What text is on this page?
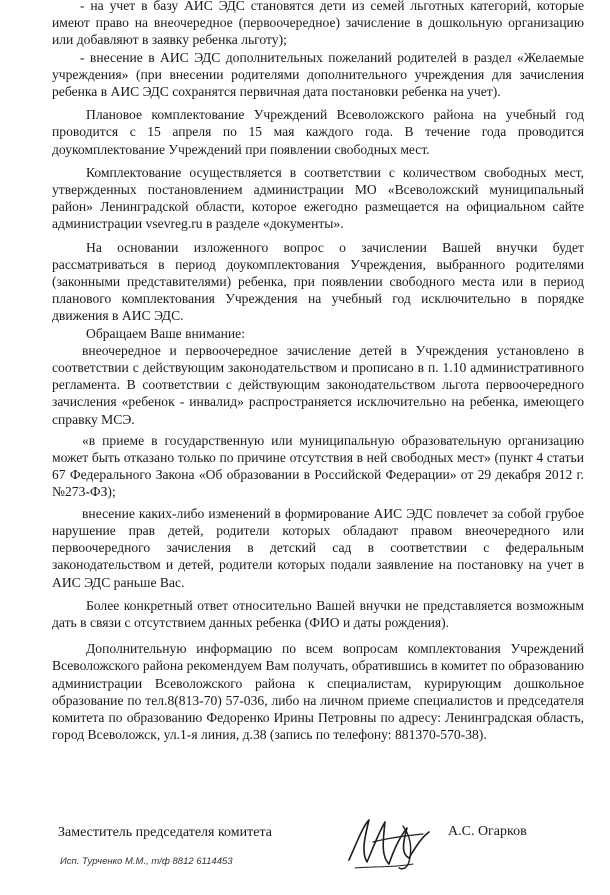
- на учет в базу АИС ЭДС становятся дети из семей льготных категорий, которые имеют право на внеочередное (первоочередное) зачисление в дошкольную организацию или добавляют в заявку ребенка льготу);

- внесение в АИС ЭДС дополнительных пожеланий родителей в раздел «Желаемые учреждения» (при внесении родителями дополнительного учреждения для зачисления ребенка в АИС ЭДС сохранятся первичная дата постановки ребенка на учет).

Плановое комплектование Учреждений Всеволожского района на учебный год проводится с 15 апреля по 15 мая каждого года. В течение года проводится доукомплектование Учреждений при появлении свободных мест.

Комплектование осуществляется в соответствии с количеством свободных мест, утвержденных постановлением администрации МО «Всеволожский муниципальный район» Ленинградской области, которое ежегодно размещается на официальном сайте администрации vsevreg.ru в разделе «документы».

На основании изложенного вопрос о зачислении Вашей внучки будет рассматриваться в период доукомплектования Учреждения, выбранного родителями (законными представителями) ребенка, при появлении свободного места или в период планового комплектования Учреждения на учебный год исключительно в порядке движения в АИС ЭДС.

Обращаем Ваше внимание:

внеочередное и первоочередное зачисление детей в Учреждения установлено в соответствии с действующим законодательством и прописано в п. 1.10 административного регламента. В соответствии с действующим законодательством льгота первоочередного зачисления «ребенок - инвалид» распространяется исключительно на ребенка, имеющего справку МСЭ.

«в приеме в государственную или муниципальную образовательную организацию может быть отказано только по причине отсутствия в ней свободных мест» (пункт 4 статьи 67 Федерального Закона «Об образовании в Российской Федерации» от 29 декабря 2012 г. №273-ФЗ);

внесение каких-либо изменений в формирование АИС ЭДС повлечет за собой грубое нарушение прав детей, родители которых обладают правом внеочередного или первоочередного зачисления в детский сад в соответствии с федеральным законодательством и детей, родители которых подали заявление на постановку на учет в АИС ЭДС раньше Вас.

Более конкретный ответ относительно Вашей внучки не представляется возможным дать в связи с отсутствием данных ребенка (ФИО и даты рождения).

Дополнительную информацию по всем вопросам комплектования Учреждений Всеволожского района рекомендуем Вам получать, обратившись в комитет по образованию администрации Всеволожского района к специалистам, курирующим дошкольное образование по тел.8(813-70) 57-036, либо на личном приеме специалистов и председателя комитета по образованию Федоренко Ирины Петровны по адресу: Ленинградская область, город Всеволожск, ул.1-я линия, д.38 (запись по телефону: 881370-570-38).

Заместитель председателя комитета	А.С. Огарков
Исп. Турченко М.М., т/ф 8812 6114453
